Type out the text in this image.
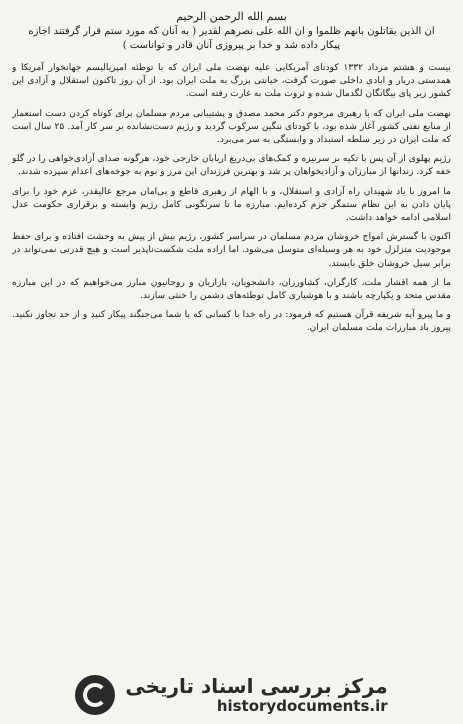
بسم الله الرحمن الرحیم
ان الذین یقاتلون بانهم ظلموا و ان الله علی نصرهم لقدیر ( به آنان که مورد ستم قرار گرفتند اجازه پیکار داده شد و خدا بر پیروزی آنان قادر و تواناست )

بیست و هشتم مرداد ۱۳۳۲ کودتای آمریکایی علیه نهضت ملی ایران که با توطئه امپریالیسم جهانخوار آمریکا و همدستی دربار و ایادی داخلی صورت گرفت، خیانتی بزرگ به ملت ایران بود. از آن روز تاکنون استقلال و آزادی این کشور زیر پای بیگانگان لگدمال شده و ثروت ملت به غارت رفته است.

نهضت ملی ایران که با رهبری مرحوم دکتر محمد مصدق و پشتیبانی مردم مسلمان برای کوتاه کردن دست استعمار از منابع نفتی کشور آغاز شده بود، با کودتای ننگین سرکوب گردید و رژیم دست‌نشانده بر سر کار آمد. ۲۵ سال است که ملت ایران در زیر سلطه استبداد و وابستگی به سر می‌برد.

رژیم پهلوی از آن پس با تکیه بر سرنیزه و کمک‌های بی‌دریغ اربابان خارجی خود، هرگونه صدای آزادی‌خواهی را در گلو خفه کرد. زندانها از مبارزان و آزادیخواهان پر شد و بهترین فرزندان این مرز و بوم به جوخه‌های اعدام سپرده شدند.

ما امروز با یاد شهیدان راه آزادی و استقلال، و با الهام از رهبری قاطع و بی‌امان مرجع عالیقدر، عزم خود را برای پایان دادن به این نظام ستمگر جزم کرده‌ایم. مبارزه ما تا سرنگونی کامل رژیم وابسته و برقراری حکومت عدل اسلامی ادامه خواهد داشت.

اکنون با گسترش امواج خروشان مردم مسلمان در سراسر کشور، رژیم بیش از پیش به وحشت افتاده و برای حفظ موجودیت متزلزل خود به هر وسیله‌ای متوسل می‌شود. اما اراده ملت شکست‌ناپذیر است و هیچ قدرتی نمی‌تواند در برابر سیل خروشان خلق بایستد.

ما از همه اقشار ملت، کارگران، کشاورزان، دانشجویان، بازاریان و روحانیون مبارز می‌خواهیم که در این مبارزه مقدس متحد و یکپارچه باشند و با هوشیاری کامل توطئه‌های دشمن را خنثی سازند.

و ما پیرو آیه شریفه قرآن هستیم که فرمود: در راه خدا با کسانی که با شما می‌جنگند پیکار کنید و از حد تجاوز نکنید. پیروز باد مبارزات ملت مسلمان ایران.

مرکز بررسی اسناد تاریخی
historydocuments.ir
